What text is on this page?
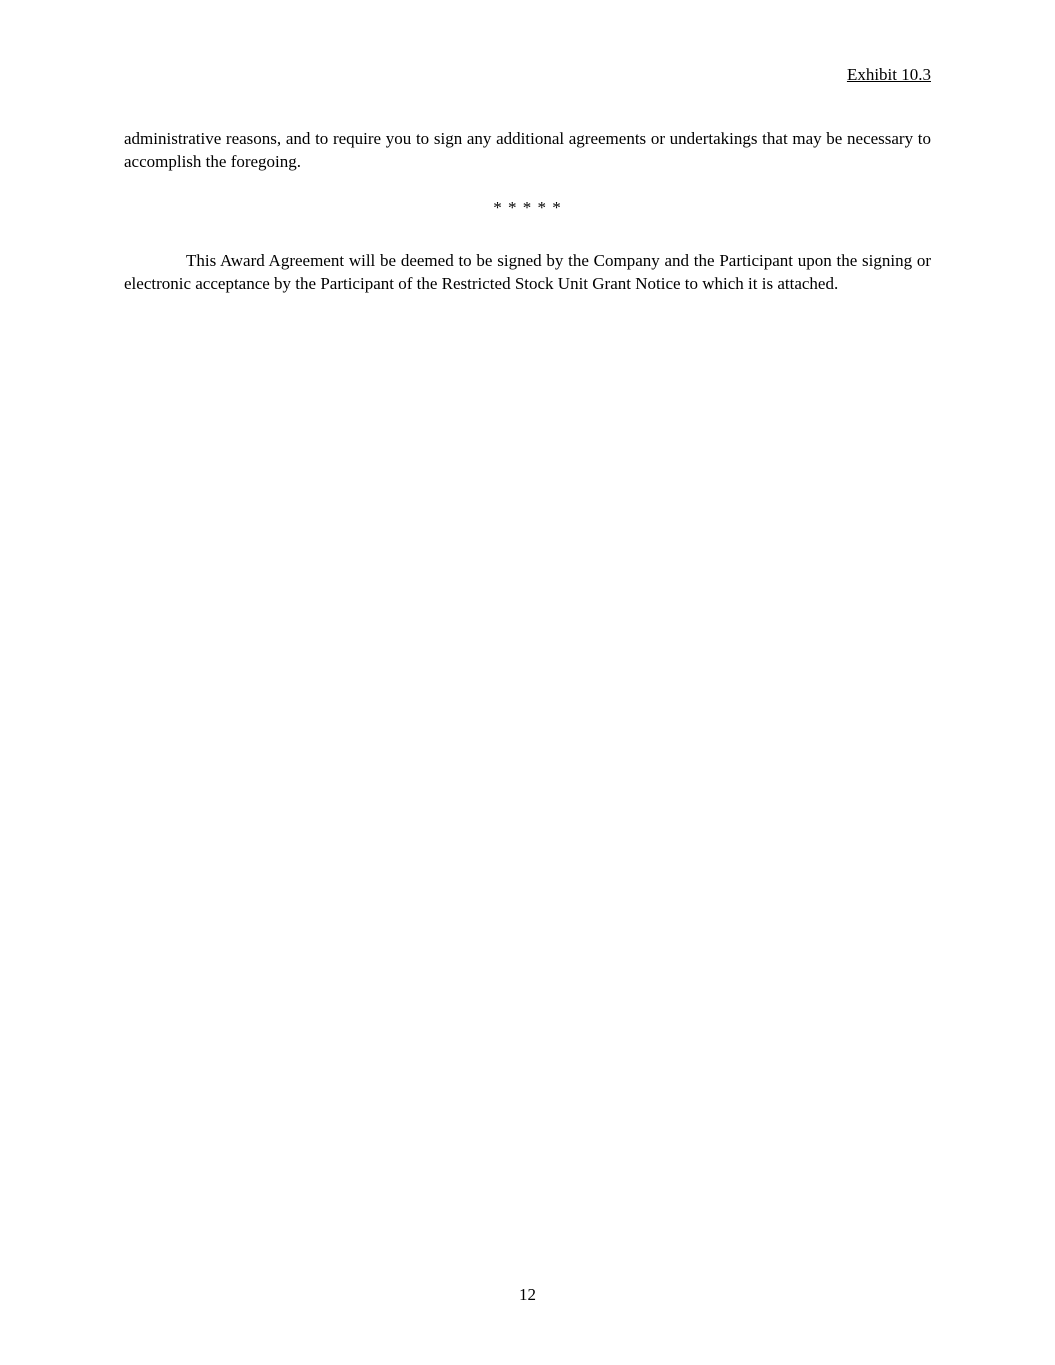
Exhibit 10.3

administrative reasons, and to require you to sign any additional agreements or undertakings that may be necessary to accomplish the foregoing.

* * * * *

This Award Agreement will be deemed to be signed by the Company and the Participant upon the signing or electronic acceptance by the Participant of the Restricted Stock Unit Grant Notice to which it is attached.

12
